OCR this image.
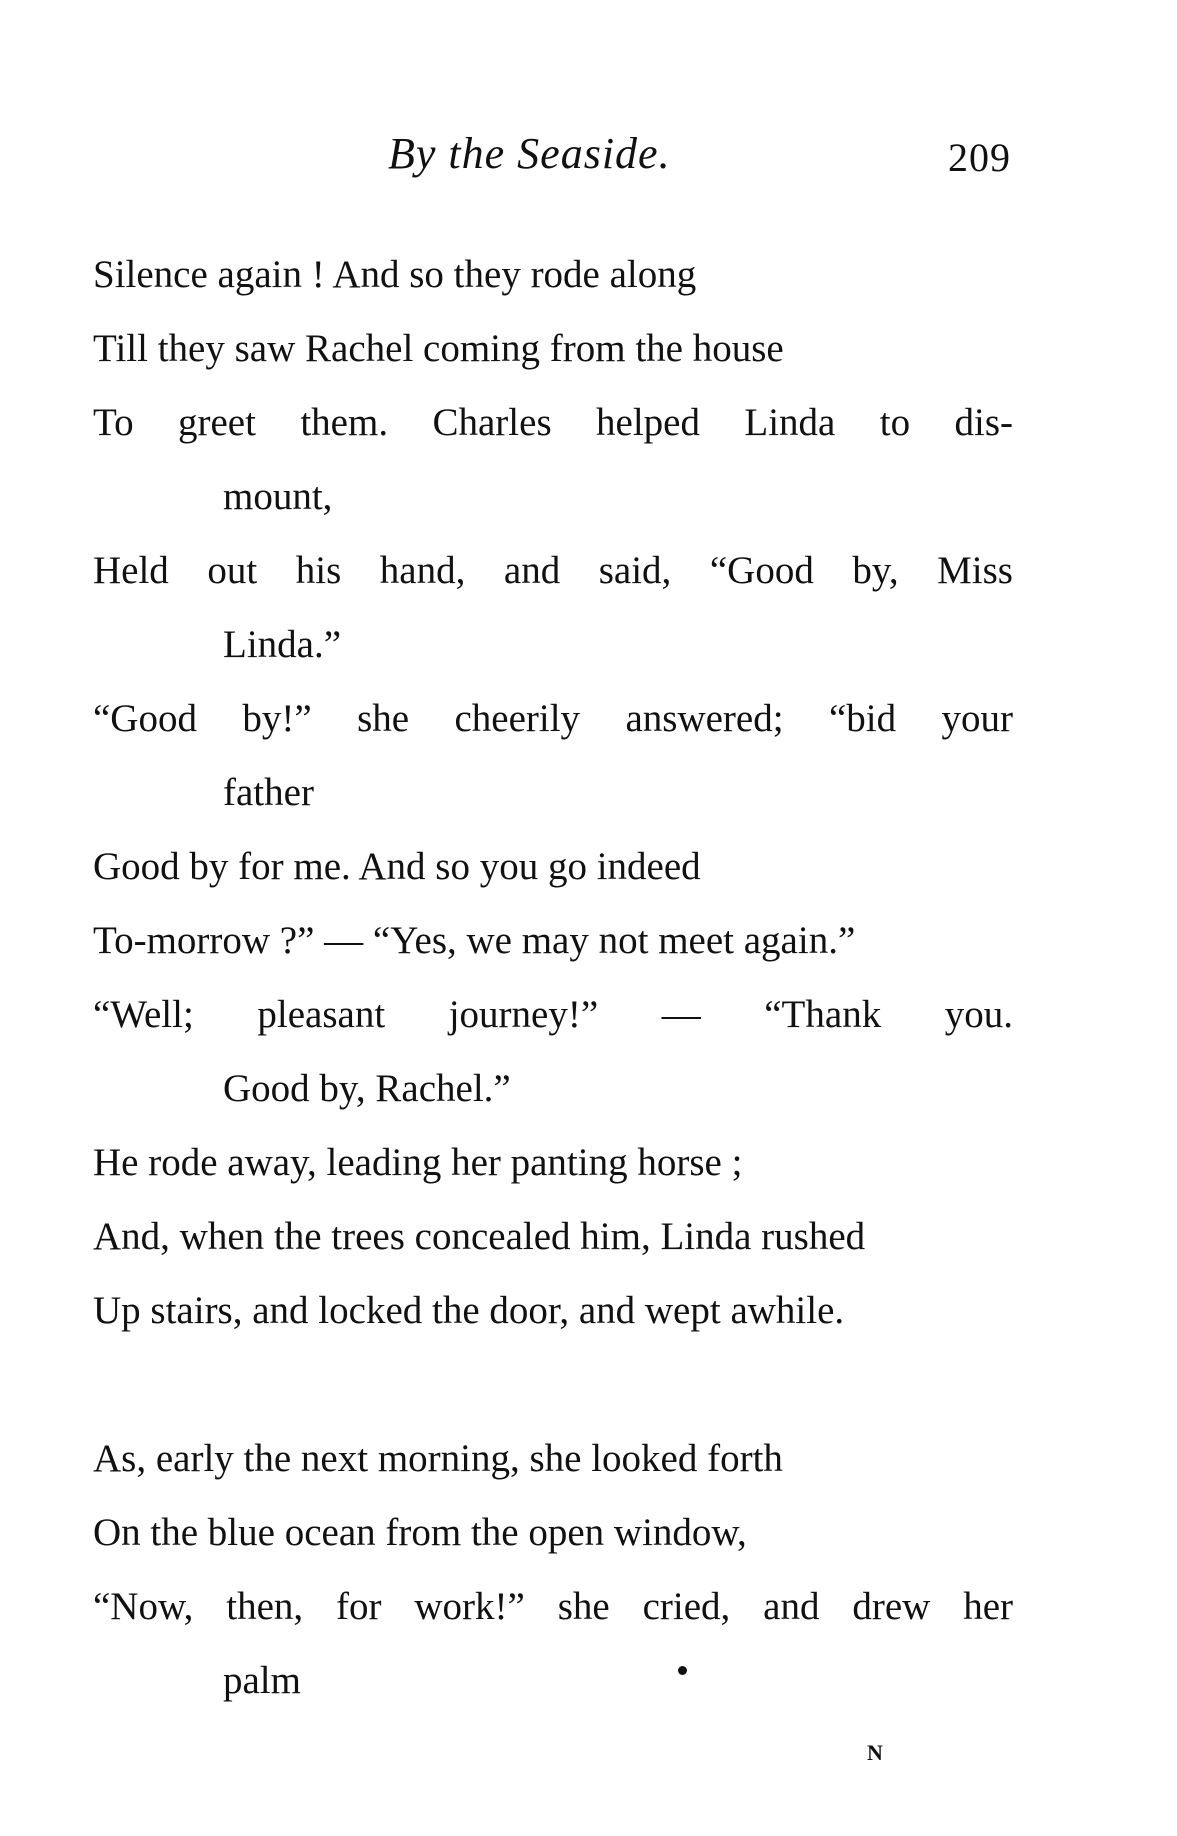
By the Seaside.	209
Silence again ! And so they rode along
Till they saw Rachel coming from the house
To greet them. Charles helped Linda to dis-
mount,
Held out his hand, and said, “Good by, Miss
Linda.”
“Good by!” she cheerily answered; “bid your
father
Good by for me. And so you go indeed
To-morrow ?” — “Yes, we may not meet again.”
“Well; pleasant journey!” — “Thank you.
Good by, Rachel.”
He rode away, leading her panting horse ;
And, when the trees concealed him, Linda rushed
Up stairs, and locked the door, and wept awhile.
As, early the next morning, she looked forth
On the blue ocean from the open window,
“Now, then, for work!” she cried, and drew her
palm
N
